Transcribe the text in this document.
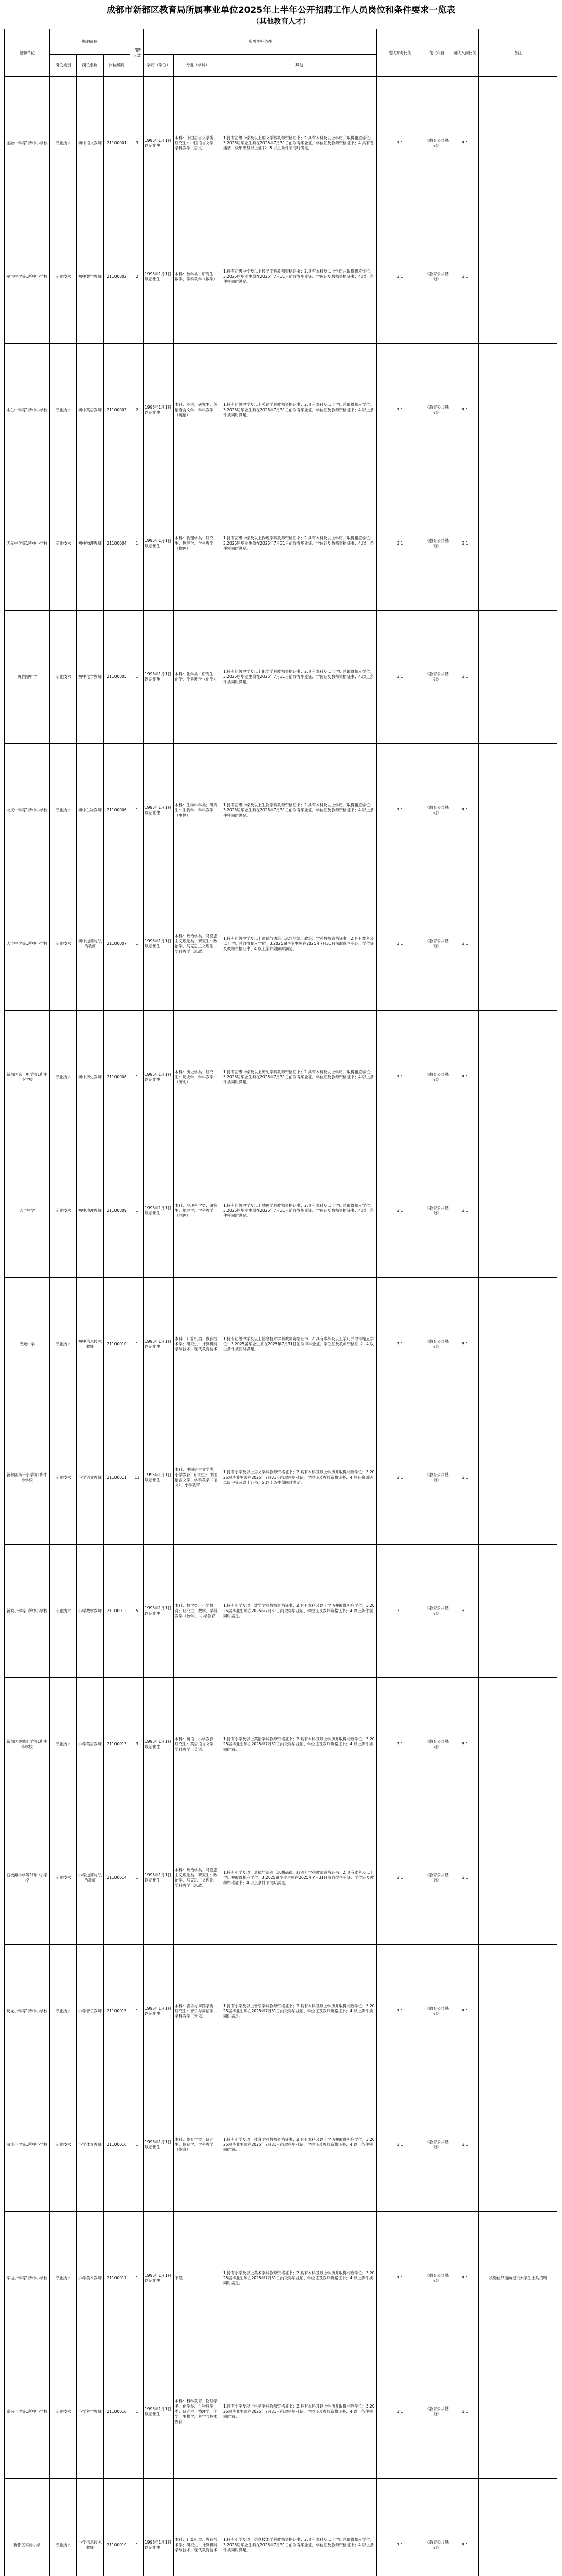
成都市新都区教育局所属事业单位2025年上半年公开招聘工作人员岗位和条件要求一览表
（其他教育人才）
招聘单位	招聘岗位			招聘人数	所需资格条件			笔试开考比例	笔试科目	面试入闱比例	备注
	岗位类别	岗位名称	岗位编码		学历（学位）	专业（学科）	其他				
金融中学等1所中小学校	专业技术	初中语文教师	21100001	3	1995年1月1日以后出生	本科：中国语言文学类；研究生：中国语言文学、学科教学（语文）	1.持有初级中学及以上语文学科教师资格证书；2.具有本科及以上学历并取得相应学位；3.2025届毕业生须在2025年7月31日前取得毕业证、学位证及教师资格证书；4.具有普通话二级甲等及以上证书；5.以上条件须同时满足。	3:1	《教育公共基础》	3:1	
军屯中学等1所中小学校	专业技术	初中数学教师	21100002	2	1995年1月1日以后出生	本科：数学类；研究生：数学、学科教学（数学）	1.持有初级中学及以上数学学科教师资格证书；2.具有本科及以上学历并取得相应学位；3.2025届毕业生须在2025年7月31日前取得毕业证、学位证及教师资格证书；4.以上条件须同时满足。	3:1	《教育公共基础》	3:1	
木兰中学等1所中小学校	专业技术	初中英语教师	21100003	2	1995年1月1日以后出生	本科：英语；研究生：英语语言文学、学科教学（英语）	1.持有初级中学及以上英语学科教师资格证书；2.具有本科及以上学历并取得相应学位；3.2025届毕业生须在2025年7月31日前取得毕业证、学位证及教师资格证书；4.以上条件须同时满足。	3:1	《教育公共基础》	3:1	
天元中学等1所中小学校	专业技术	初中物理教师	21100004	1	1995年1月1日以后出生	本科：物理学类；研究生：物理学、学科教学（物理）	1.持有初级中学及以上物理学科教师资格证书；2.具有本科及以上学历并取得相应学位；3.2025届毕业生须在2025年7月31日前取得毕业证、学位证及教师资格证书；4.以上条件须同时满足。	3:1	《教育公共基础》	3:1	
斑竹园中学	专业技术	初中化学教师	21100005	1	1995年1月1日以后出生	本科：化学类；研究生：化学、学科教学（化学）	1.持有初级中学及以上化学学科教师资格证书；2.具有本科及以上学历并取得相应学位；3.2025届毕业生须在2025年7月31日前取得毕业证、学位证及教师资格证书；4.以上条件须同时满足。	3:1	《教育公共基础》	3:1	
龙虎中学等1所中小学校	专业技术	初中生物教师	21100006	1	1995年1月1日以后出生	本科：生物科学类；研究生：生物学、学科教学（生物）	1.持有初级中学及以上生物学科教师资格证书；2.具有本科及以上学历并取得相应学位；3.2025届毕业生须在2025年7月31日前取得毕业证、学位证及教师资格证书；4.以上条件须同时满足。	3:1	《教育公共基础》	3:1	
大丰中学等1所中小学校	专业技术	初中道德与法治教师	21100007	1	1995年1月1日以后出生	本科：政治学类、马克思主义理论类；研究生：政治学、马克思主义理论、学科教学（思政）	1.持有初级中学及以上道德与法治（思想品德、政治）学科教师资格证书；2.具有本科及以上学历并取得相应学位；3.2025届毕业生须在2025年7月31日前取得毕业证、学位证及教师资格证书；4.以上条件须同时满足。	3:1	《教育公共基础》	3:1	
新都区第一中学等1所中小学校	专业技术	初中历史教师	21100008	1	1995年1月1日以后出生	本科：历史学类；研究生：历史学、学科教学（历史）	1.持有初级中学及以上历史学科教师资格证书；2.具有本科及以上学历并取得相应学位；3.2025届毕业生须在2025年7月31日前取得毕业证、学位证及教师资格证书；4.以上条件须同时满足。	3:1	《教育公共基础》	3:1	
大丰中学	专业技术	初中地理教师	21100009	1	1995年1月1日以后出生	本科：地理科学类；研究生：地理学、学科教学（地理）	1.持有初级中学及以上地理学科教师资格证书；2.具有本科及以上学历并取得相应学位；3.2025届毕业生须在2025年7月31日前取得毕业证、学位证及教师资格证书；4.以上条件须同时满足。	3:1	《教育公共基础》	3:1	
天元中学	专业技术	初中信息技术教师	21100010	1	1995年1月1日以后出生	本科：计算机类、教育技术学；研究生：计算机科学与技术、现代教育技术	1.持有初级中学及以上信息技术学科教师资格证书；2.具有本科及以上学历并取得相应学位；3.2025届毕业生须在2025年7月31日前取得毕业证、学位证及教师资格证书；4.以上条件须同时满足。	3:1	《教育公共基础》	3:1	
新都区第一小学等1所中小学校	专业技术	小学语文教师	21100011	11	1995年1月1日以后出生	本科：中国语言文学类、小学教育；研究生：中国语言文学、学科教学（语文）、小学教育	1.持有小学及以上语文学科教师资格证书；2.具有本科及以上学历并取得相应学位；3.2025届毕业生须在2025年7月31日前取得毕业证、学位证及教师资格证书；4.具有普通话二级甲等及以上证书；5.以上条件须同时满足。	3:1	《教育公共基础》	3:1	
新繁小学等1所中小学校	专业技术	小学数学教师	21100012	5	1995年1月1日以后出生	本科：数学类、小学教育；研究生：数学、学科教学（数学）、小学教育	1.持有小学及以上数学学科教师资格证书；2.具有本科及以上学历并取得相应学位；3.2025届毕业生须在2025年7月31日前取得毕业证、学位证及教师资格证书；4.以上条件须同时满足。	3:1	《教育公共基础》	3:1	
新都区香城小学等1所中小学校	专业技术	小学英语教师	21100013	3	1995年1月1日以后出生	本科：英语、小学教育；研究生：英语语言文学、学科教学（英语）	1.持有小学及以上英语学科教师资格证书；2.具有本科及以上学历并取得相应学位；3.2025届毕业生须在2025年7月31日前取得毕业证、学位证及教师资格证书；4.以上条件须同时满足。	3:1	《教育公共基础》	3:1	
石板滩小学等1所中小学校	专业技术	小学道德与法治教师	21100014	1	1995年1月1日以后出生	本科：政治学类、马克思主义理论类；研究生：政治学、马克思主义理论、学科教学（思政）	1.持有小学及以上道德与法治（思想品德、政治）学科教师资格证书；2.具有本科及以上学历并取得相应学位；3.2025届毕业生须在2025年7月31日前取得毕业证、学位证及教师资格证书；4.以上条件须同时满足。	3:1	《教育公共基础》	3:1	
蜀龙小学等1所中小学校	专业技术	小学音乐教师	21100015	1	1995年1月1日以后出生	本科：音乐与舞蹈学类；研究生：音乐与舞蹈学、学科教学（音乐）	1.持有小学及以上音乐学科教师资格证书；2.具有本科及以上学历并取得相应学位；3.2025届毕业生须在2025年7月31日前取得毕业证、学位证及教师资格证书；4.以上条件须同时满足。	3:1	《教育公共基础》	3:1	
清流小学等1所中小学校	专业技术	小学体育教师	21100016	1	1995年1月1日以后出生	本科：体育学类；研究生：体育学、学科教学（体育）	1.持有小学及以上体育学科教师资格证书；2.具有本科及以上学历并取得相应学位；3.2025届毕业生须在2025年7月31日前取得毕业证、学位证及教师资格证书；4.以上条件须同时满足。	3:1	《教育公共基础》	3:1	
军屯小学等1所中小学校	专业技术	小学美术教师	21100017	1	1995年1月1日以后出生	不限	1.持有小学及以上美术学科教师资格证书；2.具有本科及以上学历并取得相应学位；3.2025届毕业生须在2025年7月31日前取得毕业证、学位证及教师资格证书；4.以上条件须同时满足。	3:1	《教育公共基础》	3:1	该岗位只面向退役大学生士兵招聘
泰兴小学等1所中小学校	专业技术	小学科学教师	21100018	1	1995年1月1日以后出生	本科：科学教育、物理学类、化学类、生物科学类；研究生：物理学、化学、生物学、科学与技术教育	1.持有小学及以上科学学科教师资格证书；2.具有本科及以上学历并取得相应学位；3.2025届毕业生须在2025年7月31日前取得毕业证、学位证及教师资格证书；4.以上条件须同时满足。	3:1	《教育公共基础》	3:1	
新都区实验小学	专业技术	小学信息技术教师	21100019	1	1995年1月1日以后出生	本科：计算机类、教育技术学；研究生：计算机科学与技术、现代教育技术	1.持有小学及以上信息技术学科教师资格证书；2.具有本科及以上学历并取得相应学位；3.2025届毕业生须在2025年7月31日前取得毕业证、学位证及教师资格证书；4.以上条件须同时满足。	3:1	《教育公共基础》	3:1	
